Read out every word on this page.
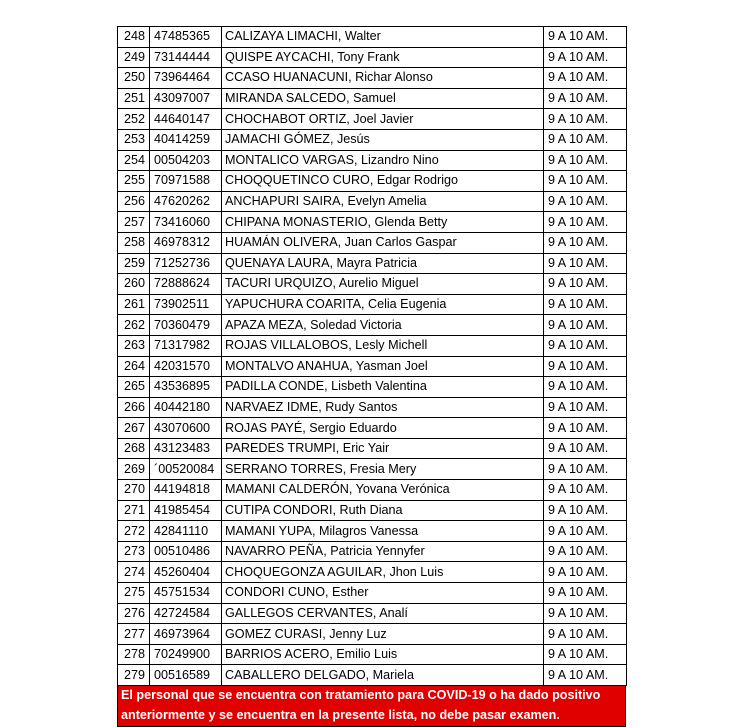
248	47485365	CALIZAYA LIMACHI, Walter	9 A 10 AM.
249	73144444	QUISPE AYCACHI, Tony Frank	9 A 10 AM.
250	73964464	CCASO HUANACUNI, Richar Alonso	9 A 10 AM.
251	43097007	MIRANDA SALCEDO, Samuel	9 A 10 AM.
252	44640147	CHOCHABOT ORTIZ, Joel Javier	9 A 10 AM.
253	40414259	JAMACHI GÓMEZ, Jesús	9 A 10 AM.
254	00504203	MONTALICO VARGAS, Lizandro Nino	9 A 10 AM.
255	70971588	CHOQQUETINCO CURO, Edgar Rodrigo	9 A 10 AM.
256	47620262	ANCHAPURI SAIRA, Evelyn Amelia	9 A 10 AM.
257	73416060	CHIPANA MONASTERIO, Glenda Betty	9 A 10 AM.
258	46978312	HUAMÁN OLIVERA, Juan Carlos Gaspar	9 A 10 AM.
259	71252736	QUENAYA LAURA, Mayra Patricia	9 A 10 AM.
260	72888624	TACURI URQUIZO, Aurelio Miguel	9 A 10 AM.
261	73902511	YAPUCHURA COARITA, Celia Eugenia	9 A 10 AM.
262	70360479	APAZA MEZA, Soledad Victoria	9 A 10 AM.
263	71317982	ROJAS VILLALOBOS, Lesly Michell	9 A 10 AM.
264	42031570	MONTALVO ANAHUA, Yasman Joel	9 A 10 AM.
265	43536895	PADILLA CONDE, Lisbeth Valentina	9 A 10 AM.
266	40442180	NARVAEZ IDME, Rudy Santos	9 A 10 AM.
267	43070600	ROJAS PAYÉ, Sergio Eduardo	9 A 10 AM.
268	43123483	PAREDES TRUMPI, Eric Yair	9 A 10 AM.
269	´00520084	SERRANO TORRES, Fresia Mery	9 A 10 AM.
270	44194818	MAMANI CALDERÓN, Yovana Verónica	9 A 10 AM.
271	41985454	CUTIPA CONDORI, Ruth Diana	9 A 10 AM.
272	42841110	MAMANI YUPA, Milagros Vanessa	9 A 10 AM.
273	00510486	NAVARRO PEÑA, Patricia Yennyfer	9 A 10 AM.
274	45260404	CHOQUEGONZA AGUILAR, Jhon Luis	9 A 10 AM.
275	45751534	CONDORI CUNO, Esther	9 A 10 AM.
276	42724584	GALLEGOS CERVANTES, Analí	9 A 10 AM.
277	46973964	GOMEZ CURASI, Jenny Luz	9 A 10 AM.
278	70249900	BARRIOS ACERO, Emilio Luis	9 A 10 AM.
279	00516589	CABALLERO DELGADO, Mariela	9 A 10 AM.
El personal que se encuentra con tratamiento para COVID-19 o ha dado positivo
anteriormente y se encuentra en la presente lista, no debe pasar examen.
